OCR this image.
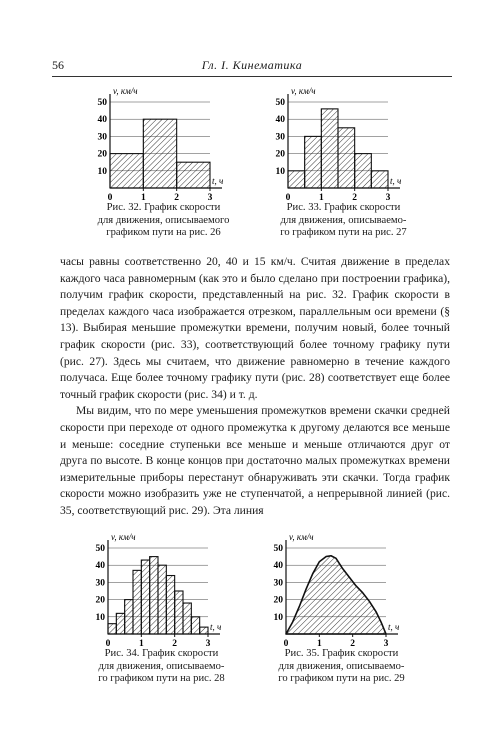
56	Гл. I. Кинематика
10
20
30
40
50
0	1	2	3
v, км/ч
t, ч
Рис. 32. График скорости
для движения, описываемого
графиком пути на рис. 26
10
20
30
40
50
0	1	2	3
v, км/ч
t, ч
Рис. 33. График скорости
для движения, описываемо-
го графиком пути на рис. 27

часы равны соответственно 20, 40 и 15 км/ч. Считая движение в пределах каждого часа равномерным (как это и было сделано при построении графика), получим график скорости, представленный на рис. 32. График скорости в пределах каждого часа изображается отрезком, параллельным оси времени (§ 13). Выбирая меньшие промежутки времени, получим новый, более точный график скорости (рис. 33), соответствующий более точному графику пути (рис. 27). Здесь мы считаем, что движение равномерно в течение каждого получаса. Еще более точному графику пути (рис. 28) соответствует еще более точный график скорости (рис. 34) и т. д.

Мы видим, что по мере уменьшения промежутков времени скачки средней скорости при переходе от одного промежутка к другому делаются все меньше и меньше: соседние ступеньки все меньше и меньше отличаются друг от друга по высоте. В конце концов при достаточно малых промежутках времени измерительные приборы перестанут обнаруживать эти скачки. Тогда график скорости можно изобразить уже не ступенчатой, а непрерывной линией (рис. 35, соответствующий рис. 29). Эта линия

10
20
30
40
50
0	1	2	3
v, км/ч
t, ч
Рис. 34. График скорости
для движения, описываемо-
го графиком пути на рис. 28
10
20
30
40
50
0	1	2	3
v, км/ч
t, ч
Рис. 35. График скорости
для движения, описываемо-
го графиком пути на рис. 29
